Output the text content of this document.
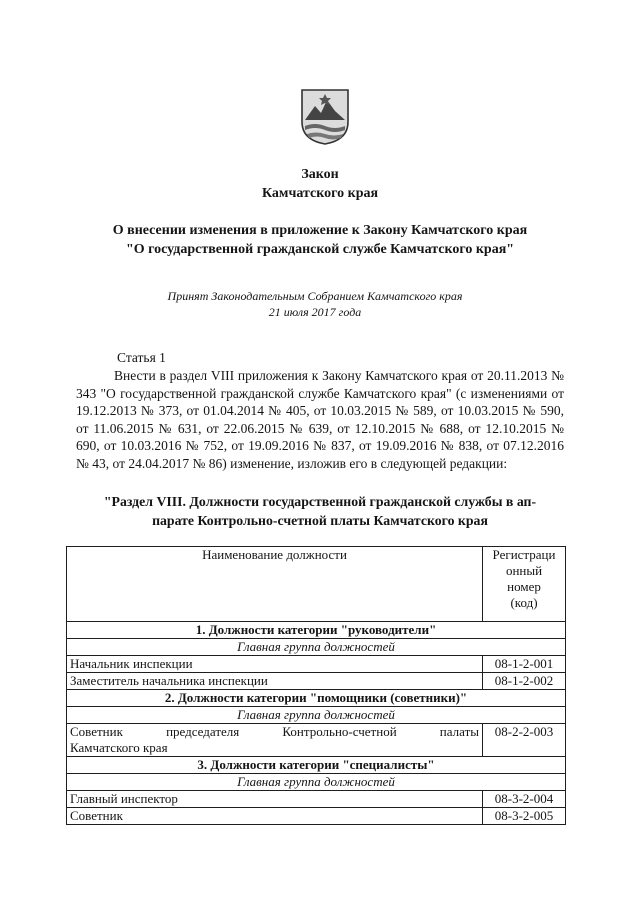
Закон
Камчатского края
О внесении изменения в приложение к Закону Камчатского края
"О государственной гражданской службе Камчатского края"
Принят Законодательным Собранием Камчатского края
21 июля 2017 года
Статья 1
Внести в раздел VIII приложения к Закону Камчатского края от 20.11.2013 № 343 "О государственной гражданской службе Камчатского края" (с изменениями от 19.12.2013 № 373, от 01.04.2014 № 405, от 10.03.2015 № 589, от 10.03.2015 № 590, от 11.06.2015 № 631, от 22.06.2015 № 639, от 12.10.2015 № 688, от 12.10.2015 № 690, от 10.03.2016 № 752, от 19.09.2016 № 837, от 19.09.2016 № 838, от 07.12.2016 № 43, от 24.04.2017 № 86) изменение, изложив его в следующей редакции:
"Раздел VIII. Должности государственной гражданской службы в ап-
парате Контрольно-счетной платы Камчатского края
Наименование должности	Регистраци
онный
номер
(код)

1. Должности категории "руководители"	
Главная группа должностей	
Начальник инспекции	08-1-2-001
Заместитель начальника инспекции	08-1-2-002
2. Должности категории "помощники (советники)"	
Главная группа должностей	

Советник председателя Контрольно-счетной палаты
Камчатского края	08-2-2-003
3. Должности категории "специалисты"	
Главная группа должностей	
Главный инспектор	08-3-2-004
Советник	08-3-2-005
